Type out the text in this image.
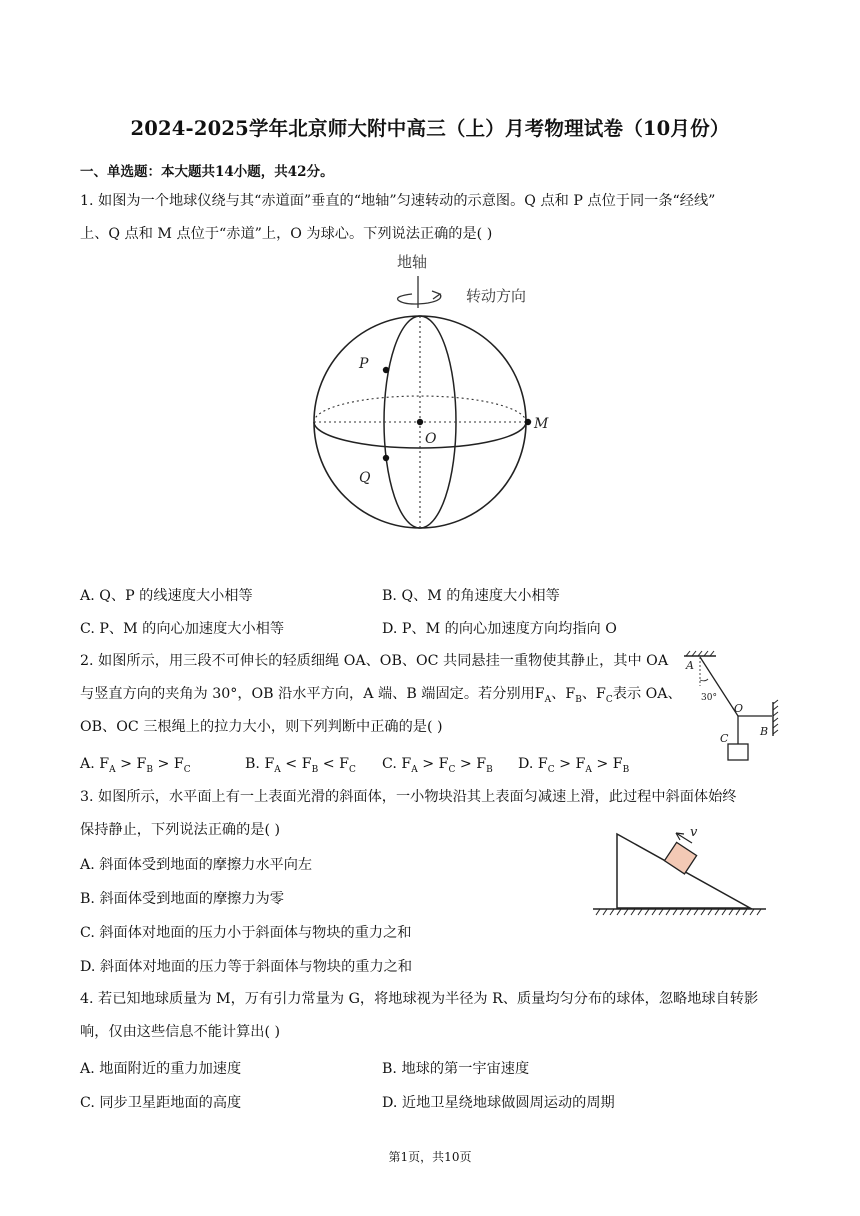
2024-2025学年北京师大附中高三（上）月考物理试卷（10月份）
一、单选题：本大题共14小题，共42分。
1. 如图为一个地球仪绕与其“赤道面”垂直的“地轴”匀速转动的示意图。Q 点和 P 点位于同一条“经线”
上、Q 点和 M 点位于“赤道”上，O 为球心。下列说法正确的是( )
地轴
转动方向
P
O
M
Q
A. Q、P 的线速度大小相等	B. Q、M 的角速度大小相等
C. P、M 的向心加速度大小相等	D. P、M 的向心加速度方向均指向 O
2. 如图所示，用三段不可伸长的轻质细绳 OA、OB、OC 共同悬挂一重物使其静止，其中 OA
与竖直方向的夹角为 30°，OB 沿水平方向，A 端、B 端固定。若分别用$F_A$、$F_B$、$F_C$表示 OA、
OB、OC 三根绳上的拉力大小，则下列判断中正确的是( )
A
30°
O
B
C
A. $F_A > F_B > F_C$	B. $F_A < F_B < F_C$ C. $F_A > F_C > F_B$ D. $F_C > F_A > F_B$
3. 如图所示，水平面上有一上表面光滑的斜面体，一小物块沿其上表面匀减速上滑，此过程中斜面体始终
保持静止，下列说法正确的是( )	v
A. 斜面体受到地面的摩擦力水平向左
B. 斜面体受到地面的摩擦力为零
C. 斜面体对地面的压力小于斜面体与物块的重力之和
D. 斜面体对地面的压力等于斜面体与物块的重力之和
4. 若已知地球质量为 M，万有引力常量为 G，将地球视为半径为 R、质量均匀分布的球体，忽略地球自转影
响，仅由这些信息不能计算出( )
A. 地面附近的重力加速度	B. 地球的第一宇宙速度
C. 同步卫星距地面的高度	D. 近地卫星绕地球做圆周运动的周期
第1页，共10页
